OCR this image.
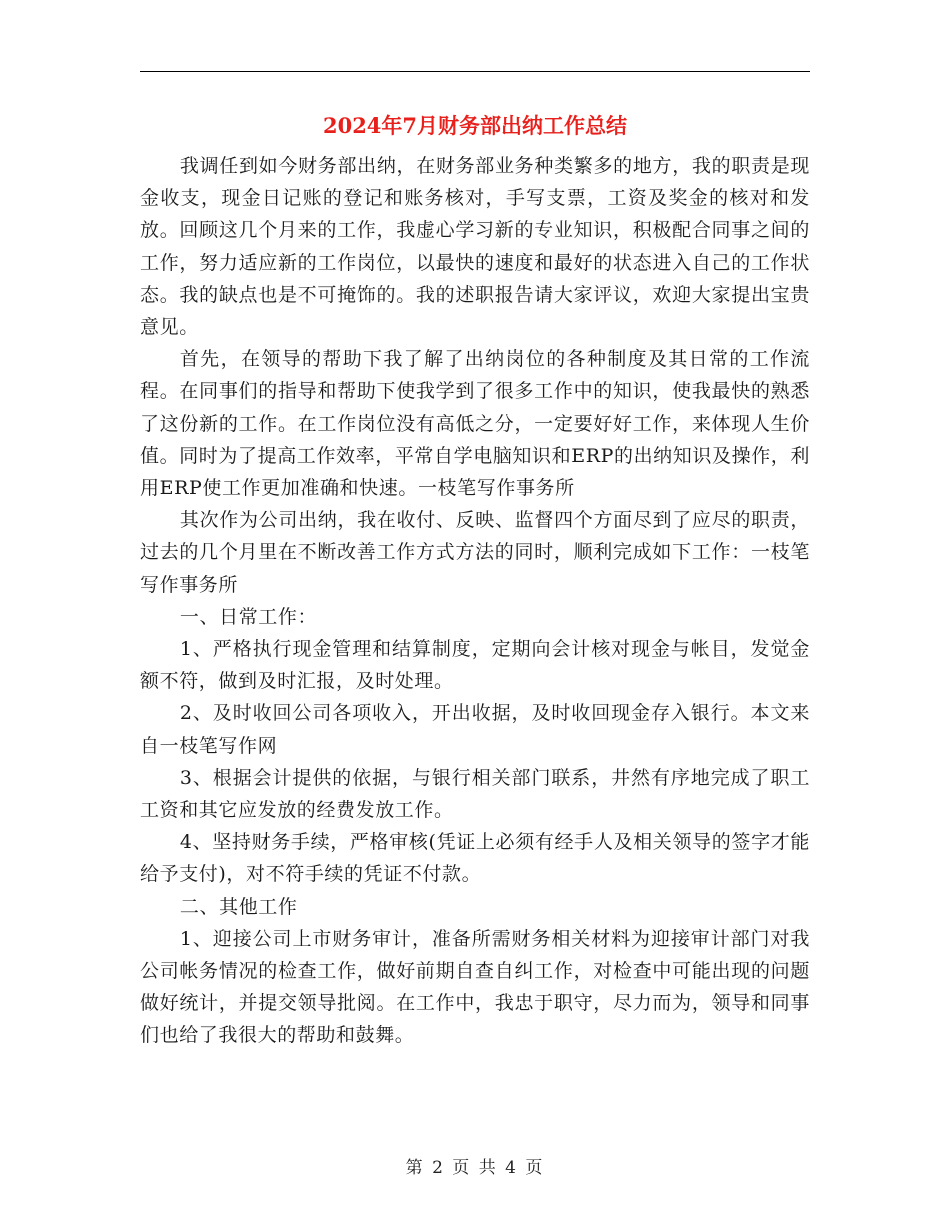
2024年7月财务部出纳工作总结

我调任到如今财务部出纳，在财务部业务种类繁多的地方，我的职责是现金收支，现金日记账的登记和账务核对，手写支票，工资及奖金的核对和发放。回顾这几个月来的工作，我虚心学习新的专业知识，积极配合同事之间的工作，努力适应新的工作岗位，以最快的速度和最好的状态进入自己的工作状态。我的缺点也是不可掩饰的。我的述职报告请大家评议，欢迎大家提出宝贵意见。

首先，在领导的帮助下我了解了出纳岗位的各种制度及其日常的工作流程。在同事们的指导和帮助下使我学到了很多工作中的知识，使我最快的熟悉了这份新的工作。在工作岗位没有高低之分，一定要好好工作，来体现人生价值。同时为了提高工作效率，平常自学电脑知识和ERP的出纳知识及操作，利用ERP使工作更加准确和快速。一枝笔写作事务所

其次作为公司出纳，我在收付、反映、监督四个方面尽到了应尽的职责，过去的几个月里在不断改善工作方式方法的同时，顺利完成如下工作：一枝笔写作事务所

一、日常工作：

1、严格执行现金管理和结算制度，定期向会计核对现金与帐目，发觉金额不符，做到及时汇报，及时处理。

2、及时收回公司各项收入，开出收据，及时收回现金存入银行。本文来自一枝笔写作网

3、根据会计提供的依据，与银行相关部门联系，井然有序地完成了职工工资和其它应发放的经费发放工作。

4、坚持财务手续，严格审核(凭证上必须有经手人及相关领导的签字才能给予支付)，对不符手续的凭证不付款。

二、其他工作

1、迎接公司上市财务审计，准备所需财务相关材料为迎接审计部门对我公司帐务情况的检查工作，做好前期自查自纠工作，对检查中可能出现的问题做好统计，并提交领导批阅。在工作中，我忠于职守，尽力而为，领导和同事们也给了我很大的帮助和鼓舞。

第 2 页 共 4 页
